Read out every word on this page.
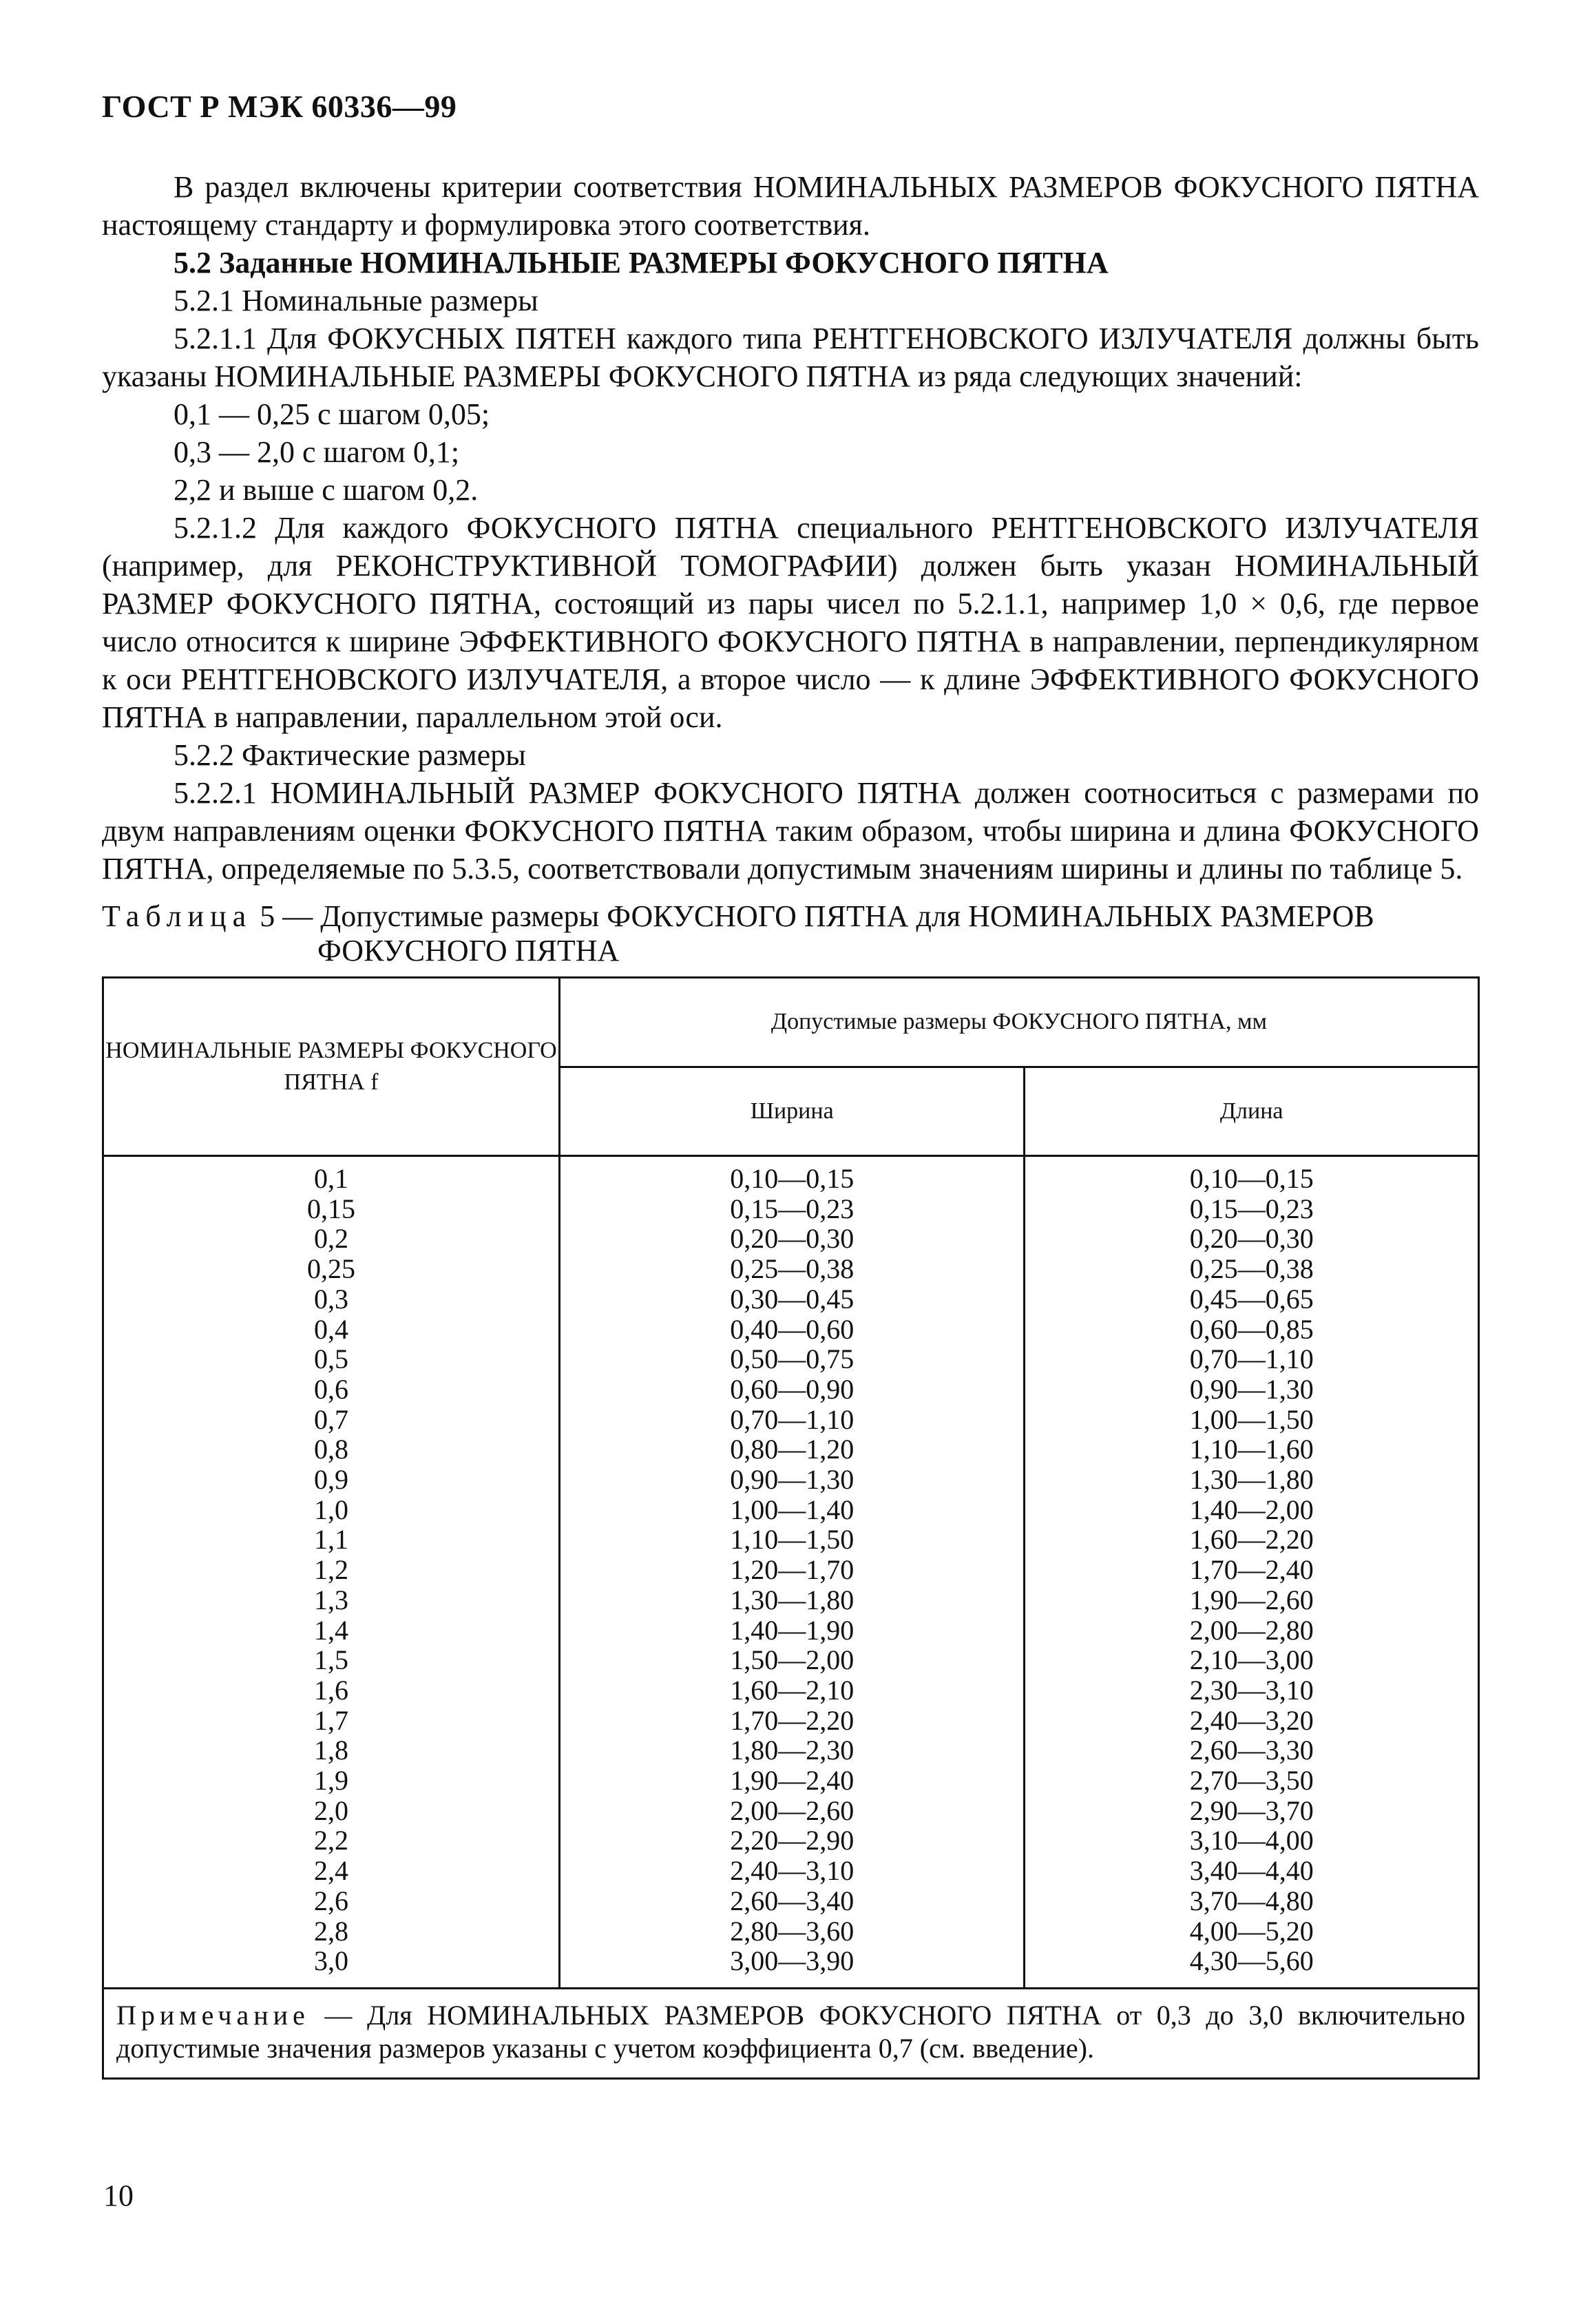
ГОСТ Р МЭК 60336—99

В раздел включены критерии соответствия НОМИНАЛЬНЫХ РАЗМЕРОВ ФОКУСНОГО ПЯТНА настоящему стандарту и формулировка этого соответствия.

5.2 Заданные НОМИНАЛЬНЫЕ РАЗМЕРЫ ФОКУСНОГО ПЯТНА

5.2.1 Номинальные размеры

5.2.1.1 Для ФОКУСНЫХ ПЯТЕН каждого типа РЕНТГЕНОВСКОГО ИЗЛУЧАТЕЛЯ должны быть указаны НОМИНАЛЬНЫЕ РАЗМЕРЫ ФОКУСНОГО ПЯТНА из ряда следующих значений:

0,1 — 0,25 с шагом 0,05;

0,3 — 2,0 с шагом 0,1;

2,2 и выше с шагом 0,2.

5.2.1.2 Для каждого ФОКУСНОГО ПЯТНА специального РЕНТГЕНОВСКОГО ИЗЛУЧАТЕЛЯ (например, для РЕКОНСТРУКТИВНОЙ ТОМОГРАФИИ) должен быть указан НОМИНАЛЬНЫЙ РАЗМЕР ФОКУСНОГО ПЯТНА, состоящий из пары чисел по 5.2.1.1, например 1,0 × 0,6, где первое число относится к ширине ЭФФЕКТИВНОГО ФОКУСНОГО ПЯТНА в направлении, перпендикулярном к оси РЕНТГЕНОВСКОГО ИЗЛУЧАТЕЛЯ, а второе число — к длине ЭФФЕКТИВНОГО ФОКУСНОГО ПЯТНА в направлении, параллельном этой оси.

5.2.2 Фактические размеры

5.2.2.1 НОМИНАЛЬНЫЙ РАЗМЕР ФОКУСНОГО ПЯТНА должен соотноситься с размерами по двум направлениям оценки ФОКУСНОГО ПЯТНА таким образом, чтобы ширина и длина ФОКУСНОГО ПЯТНА, определяемые по 5.3.5, соответствовали допустимым значениям ширины и длины по таблице 5.

Таблица 5 — Допустимые размеры ФОКУСНОГО ПЯТНА для НОМИНАЛЬНЫХ РАЗМЕРОВ
ФОКУСНОГО ПЯТНА
НОМИНАЛЬНЫЕ РАЗМЕРЫ ФОКУСНОГО ПЯТНА f	Допустимые размеры ФОКУСНОГО ПЯТНА, мм	
	Ширина	Длина
0,1	0,10—0,15	0,10—0,15
0,15	0,15—0,23	0,15—0,23
0,2	0,20—0,30	0,20—0,30
0,25	0,25—0,38	0,25—0,38
0,3	0,30—0,45	0,45—0,65
0,4	0,40—0,60	0,60—0,85
0,5	0,50—0,75	0,70—1,10
0,6	0,60—0,90	0,90—1,30
0,7	0,70—1,10	1,00—1,50
0,8	0,80—1,20	1,10—1,60
0,9	0,90—1,30	1,30—1,80
1,0	1,00—1,40	1,40—2,00
1,1	1,10—1,50	1,60—2,20
1,2	1,20—1,70	1,70—2,40
1,3	1,30—1,80	1,90—2,60
1,4	1,40—1,90	2,00—2,80
1,5	1,50—2,00	2,10—3,00
1,6	1,60—2,10	2,30—3,10
1,7	1,70—2,20	2,40—3,20
1,8	1,80—2,30	2,60—3,30
1,9	1,90—2,40	2,70—3,50
2,0	2,00—2,60	2,90—3,70
2,2	2,20—2,90	3,10—4,00
2,4	2,40—3,10	3,40—4,40
2,6	2,60—3,40	3,70—4,80
2,8	2,80—3,60	4,00—5,20
3,0	3,00—3,90	4,30—5,60
Примечание — Для НОМИНАЛЬНЫХ РАЗМЕРОВ ФОКУСНОГО ПЯТНА от 0,3 до 3,0 включительно допустимые значения размеров указаны с учетом коэффициента 0,7 (см. введение).		
10
